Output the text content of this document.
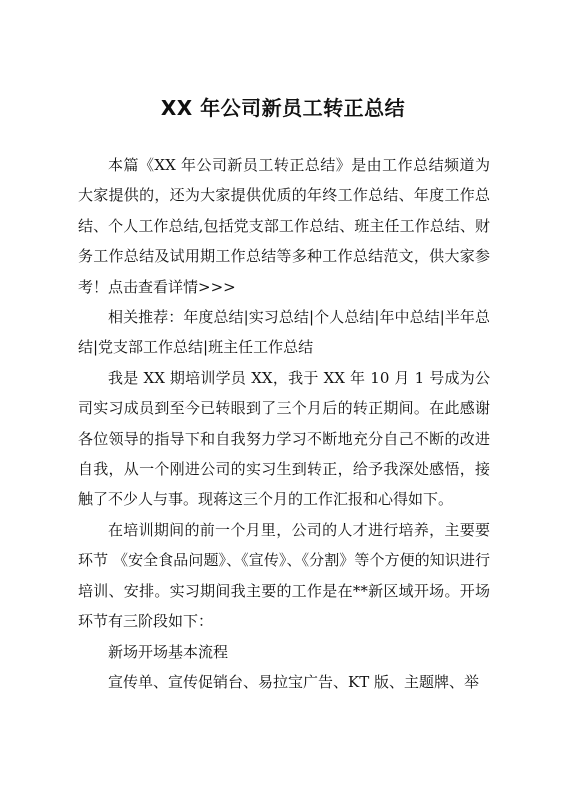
XX 年公司新员工转正总结

本篇《XX 年公司新员工转正总结》是由工作总结频道为大家提供的，还为大家提供优质的年终工作总结、年度工作总结、个人工作总结,包括党支部工作总结、班主任工作总结、财务工作总结及试用期工作总结等多种工作总结范文，供大家参考！点击查看详情>>>

相关推荐：年度总结|实习总结|个人总结|年中总结|半年总结|党支部工作总结|班主任工作总结

我是 XX 期培训学员 XX，我于 XX 年 10 月 1 号成为公司实习成员到至今已转眼到了三个月后的转正期间。在此感谢各位领导的指导下和自我努力学习不断地充分自己不断的改进自我，从一个刚进公司的实习生到转正，给予我深处感悟，接触了不少人与事。现蒋这三个月的工作汇报和心得如下。

在培训期间的前一个月里，公司的人才进行培养，主要要环节 《安全食品问题》、《宣传》、《分割》等个方便的知识进行培训、安排。实习期间我主要的工作是在**新区域开场。开场环节有三阶段如下：

新场开场基本流程

宣传单、宣传促销台、易拉宝广告、KT 版、主题牌、举
